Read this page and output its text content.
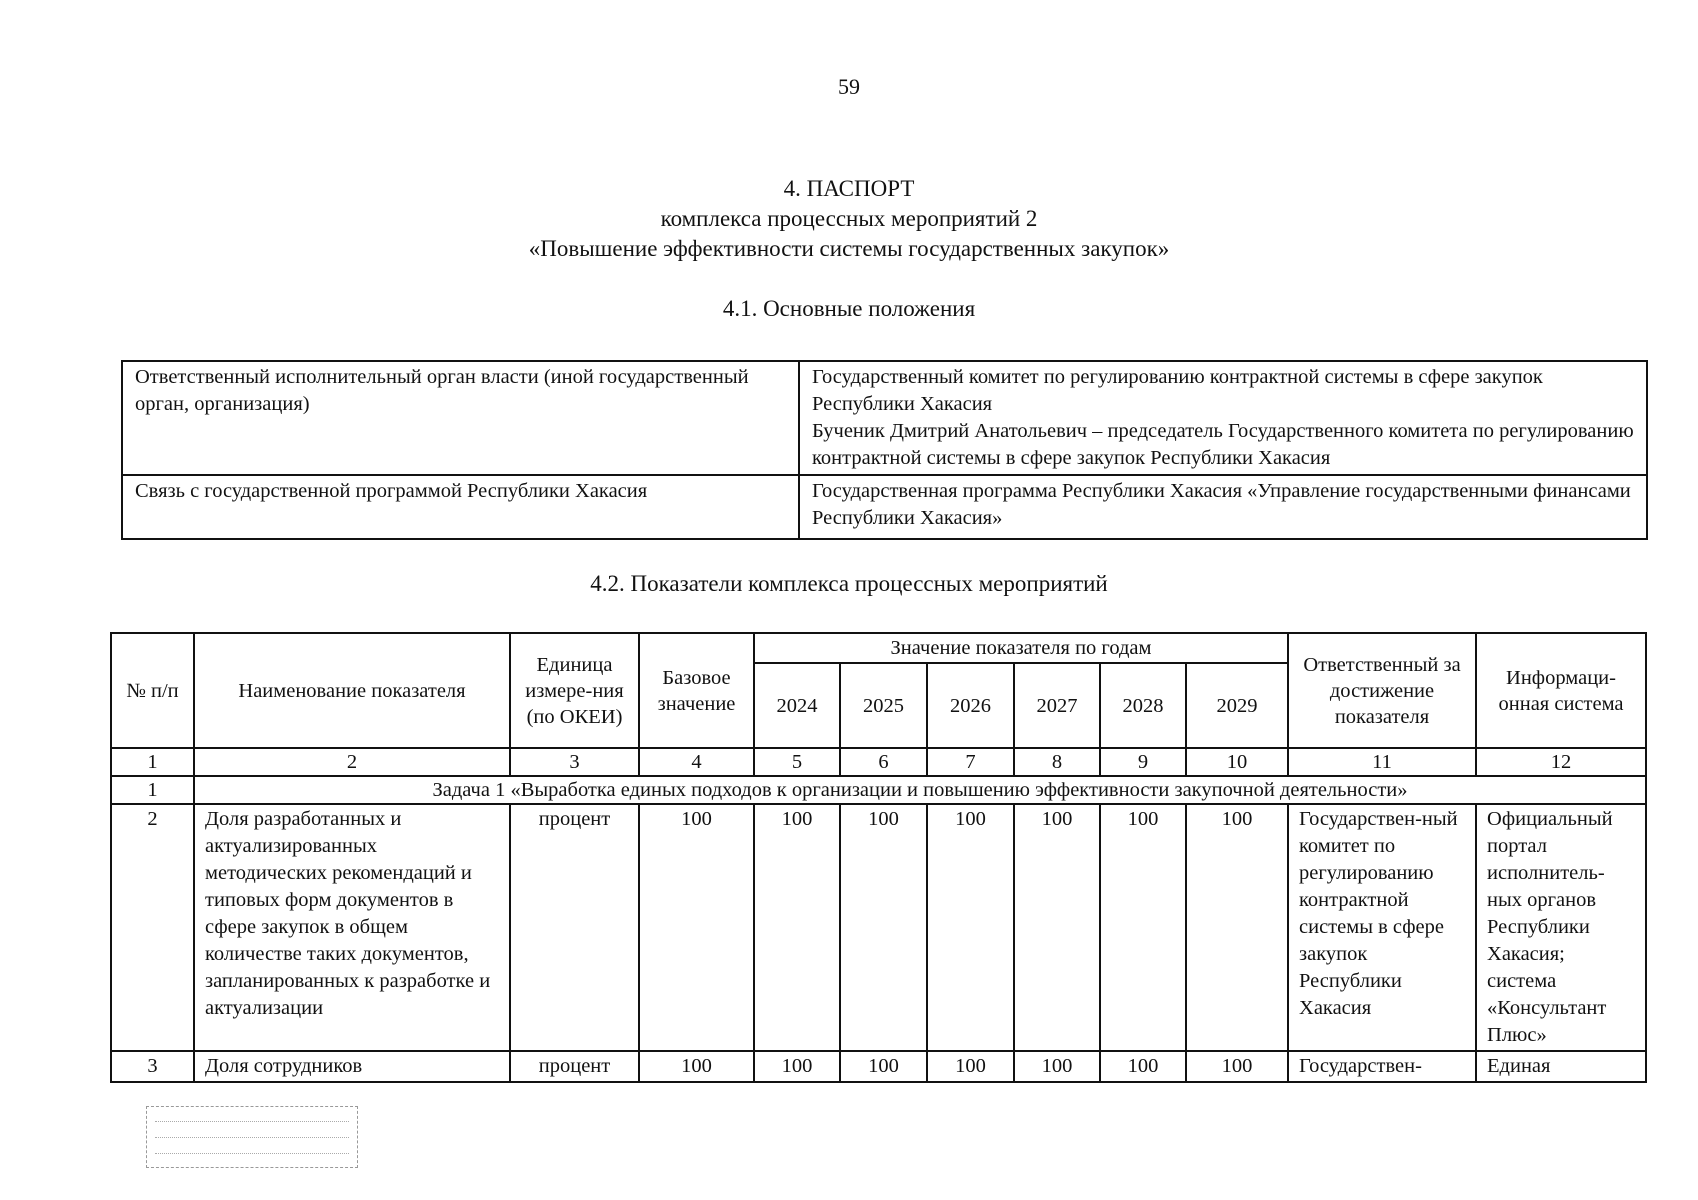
59
4. ПАСПОРТ
комплекса процессных мероприятий 2
«Повышение эффективности системы государственных закупок»
4.1. Основные положения
Ответственный исполнительный орган власти (иной государственный орган, организация)	Государственный комитет по регулированию контрактной системы в сфере закупок Республики Хакасия
Бученик Дмитрий Анатольевич – председатель Государственного комитета по регулированию контрактной системы в сфере закупок Республики Хакасия

Связь с государственной программой Республики Хакасия	Государственная программа Республики Хакасия «Управление государственными финансами Республики Хакасия»
4.2. Показатели комплекса процессных мероприятий
№ п/п	Наименование показателя	Единица измере-ния (по ОКЕИ)	Базовое значение	Значение показателя по годам						Ответственный за достижение показателя	Информаци-онная система
				2024	2025	2026	2027	2028	2029		
1	2	3	4	5	6	7	8	9	10	11	12
1	Задача 1 «Выработка единых подходов к организации и повышению эффективности закупочной деятельности»										
2	Доля разработанных и актуализированных методических рекомендаций и типовых форм документов в сфере закупок в общем количестве таких документов, запланированных к разработке и актуализации	процент	100	100	100	100	100	100	100	Государствен-ный комитет по регулированию контрактной системы в сфере закупок Республики Хакасия	Официальный портал исполнитель-ных органов Республики Хакасия; система «Консультант Плюс»
3	Доля сотрудников	процент	100	100	100	100	100	100	100	Государствен-	Единая
